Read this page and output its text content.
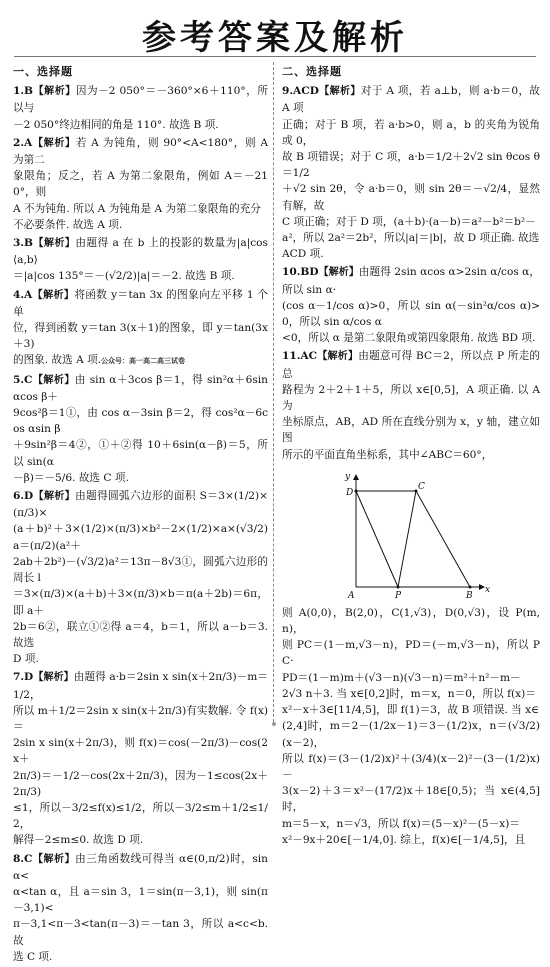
参考答案及解析
一、选择题

1.B【解析】因为－2 050°＝－360°×6＋110°，所以与

－2 050°终边相同的角是 110°. 故选 B 项.

2.A【解析】若 A 为钝角，则 90°<A<180°，则 A 为第二

象限角；反之，若 A 为第二象限角，例如 A＝－210°，则

A 不为钝角. 所以 A 为钝角是 A 为第二象限角的充分

不必要条件. 故选 A 项.

3.B【解析】由题得 a 在 b 上的投影的数量为|a|cos⟨a,b⟩

＝|a|cos 135°＝－(√2/2)|a|＝－2. 故选 B 项.

4.A【解析】将函数 y＝tan 3x 的图象向左平移 1 个单

位，得到函数 y＝tan 3(x＋1)的图象，即 y＝tan(3x＋3)

的图象. 故选 A 项.公众号：高一高二高三试卷

5.C【解析】由 sin α＋3cos β＝1，得 sin²α＋6sin αcos β＋

9cos²β＝1①，由 cos α－3sin β＝2，得 cos²α－6cos αsin β

＋9sin²β＝4②，①＋②得 10＋6sin(α－β)＝5，所以 sin(α

－β)＝－5/6. 故选 C 项.

6.D【解析】由题得圆弧六边形的面积 S＝3×(1/2)×(π/3)×

(a＋b)²＋3×(1/2)×(π/3)×b²－2×(1/2)×a×(√3/2)a＝(π/2)(a²＋

2ab＋2b²)－(√3/2)a²＝13π－8√3①，圆弧六边形的周长 l

＝3×(π/3)×(a＋b)＋3×(π/3)×b＝π(a＋2b)＝6π，即 a＋

2b＝6②，联立①②得 a＝4，b＝1，所以 a－b＝3. 故选

D 项.

7.D【解析】由题得 a·b＝2sin x sin(x＋2π/3)－m＝1/2，

所以 m＋1/2＝2sin x sin(x＋2π/3)有实数解. 令 f(x)＝

2sin x sin(x＋2π/3)，则 f(x)＝cos(－2π/3)－cos(2x＋

2π/3)＝－1/2－cos(2x＋2π/3)，因为－1≤cos(2x＋2π/3)

≤1，所以－3/2≤f(x)≤1/2，所以－3/2≤m＋1/2≤1/2，

解得－2≤m≤0. 故选 D 项.

8.C【解析】由三角函数线可得当 α∈(0,π/2)时，sin α<

α<tan α，且 a＝sin 3，1＝sin(π－3,1)，则 sin(π－3,1)<

π－3,1<π－3<tan(π－3)＝－tan 3，所以 a<c<b. 故

选 C 项.

二、选择题

9.ACD【解析】对于 A 项，若 a⊥b，则 a·b＝0，故 A 项

正确；对于 B 项，若 a·b>0，则 a，b 的夹角为锐角或 0，

故 B 项错误；对于 C 项，a·b＝1/2＋2√2 sin θcos θ＝1/2

＋√2 sin 2θ，令 a·b＝0，则 sin 2θ＝－√2/4，显然有解，故

C 项正确；对于 D 项，(a＋b)·(a－b)＝a²－b²＝b²－

a²，所以 2a²＝2b²，所以|a|＝|b|，故 D 项正确. 故选

ACD 项.

10.BD【解析】由题得 2sin αcos α>2sin α/cos α，所以 sin α·

(cos α－1/cos α)>0，所以 sin α(－sin²α/cos α)>0，所以 sin α/cos α

<0，所以 α 是第二象限角或第四象限角. 故选 BD 项.

11.AC【解析】由题意可得 BC＝2，所以点 P 所走的总

路程为 2＋2＋1＋5，所以 x∈[0,5]，A 项正确. 以 A 为

坐标原点，AB，AD 所在直线分别为 x，y 轴，建立如图

所示的平面直角坐标系，其中∠ABC＝60°，

y
D
C
A	P	B
x

则 A(0,0)，B(2,0)，C(1,√3)，D(0,√3)，设 P(m,n)，

则 PC＝(1－m,√3－n)，PD＝(－m,√3－n)，所以 PC·

PD＝(1－m)m＋(√3－n)(√3－n)＝m²＋n²－m－

2√3 n＋3. 当 x∈[0,2]时，m＝x，n＝0，所以 f(x)＝

x²－x＋3∈[11/4,5]，即 f(1)＝3，故 B 项错误. 当 x∈

(2,4]时，m＝2－(1/2x－1)＝3－(1/2)x，n＝(√3/2)(x－2)，

所以 f(x)＝(3－(1/2)x)²＋(3/4)(x－2)²－(3－(1/2)x)－

3(x－2)＋3＝x²－(17/2)x＋18∈[0,5)；当 x∈(4,5]时，

m＝5－x，n＝√3，所以 f(x)＝(5－x)²－(5－x)＝

x²－9x＋20∈[－1/4,0]. 综上，f(x)∈[－1/4,5]，且
